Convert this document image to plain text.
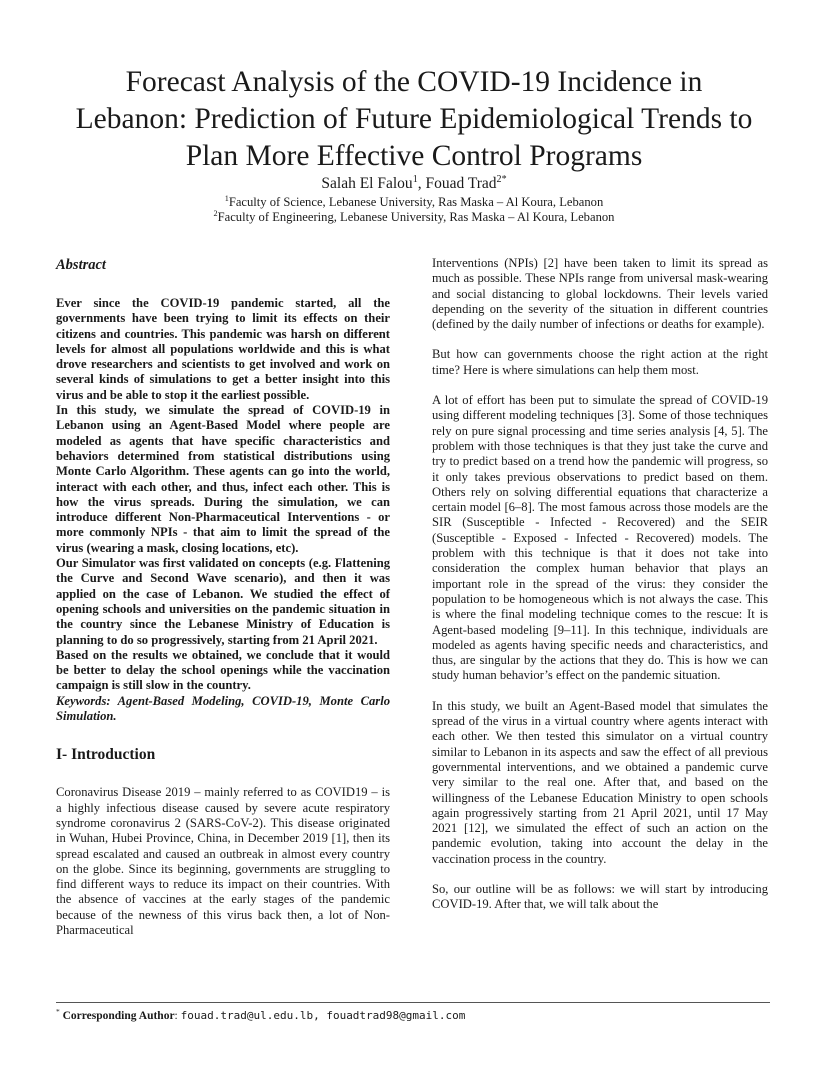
Forecast Analysis of the COVID-19 Incidence in
Lebanon: Prediction of Future Epidemiological Trends to
Plan More Effective Control Programs
Salah El Falou$^1$, Fouad Trad$^{2*}$
$^1$Faculty of Science, Lebanese University, Ras Maska – Al Koura, Lebanon
$^2$Faculty of Engineering, Lebanese University, Ras Maska – Al Koura, Lebanon

Abstract

Ever since the COVID-19 pandemic started, all the governments have been trying to limit its effects on their citizens and countries. This pandemic was harsh on different levels for almost all populations worldwide and this is what drove researchers and scientists to get involved and work on several kinds of simulations to get a better insight into this virus and be able to stop it the earliest possible.

In this study, we simulate the spread of COVID-19 in Lebanon using an Agent-Based Model where people are modeled as agents that have specific characteristics and behaviors determined from statistical distributions using Monte Carlo Algorithm. These agents can go into the world, interact with each other, and thus, infect each other. This is how the virus spreads. During the simulation, we can introduce different Non-Pharmaceutical Interventions - or more commonly NPIs - that aim to limit the spread of the virus (wearing a mask, closing locations, etc).

Our Simulator was first validated on concepts (e.g. Flattening the Curve and Second Wave scenario), and then it was applied on the case of Lebanon. We studied the effect of opening schools and universities on the pandemic situation in the country since the Lebanese Ministry of Education is planning to do so progressively, starting from 21 April 2021.

Based on the results we obtained, we conclude that it would be better to delay the school openings while the vaccination campaign is still slow in the country.

Keywords: Agent-Based Modeling, COVID-19, Monte Carlo Simulation.

I- Introduction

Coronavirus Disease 2019 – mainly referred to as COVID19 – is a highly infectious disease caused by severe acute respiratory syndrome coronavirus 2 (SARS-CoV-2). This disease originated in Wuhan, Hubei Province, China, in December 2019 [1], then its spread escalated and caused an outbreak in almost every country on the globe. Since its beginning, governments are struggling to find different ways to reduce its impact on their countries. With the absence of vaccines at the early stages of the pandemic because of the newness of this virus back then, a lot of Non-Pharmaceutical

Interventions (NPIs) [2] have been taken to limit its spread as much as possible. These NPIs range from universal mask-wearing and social distancing to global lockdowns. Their levels varied depending on the severity of the situation in different countries (defined by the daily number of infections or deaths for example).

But how can governments choose the right action at the right time? Here is where simulations can help them most.

A lot of effort has been put to simulate the spread of COVID-19 using different modeling techniques [3]. Some of those techniques rely on pure signal processing and time series analysis [4, 5]. The problem with those techniques is that they just take the curve and try to predict based on a trend how the pandemic will progress, so it only takes previous observations to predict based on them. Others rely on solving differential equations that characterize a certain model [6–8]. The most famous across those models are the SIR (Susceptible - Infected - Recovered) and the SEIR (Susceptible - Exposed - Infected - Recovered) models. The problem with this technique is that it does not take into consideration the complex human behavior that plays an important role in the spread of the virus: they consider the population to be homogeneous which is not always the case. This is where the final modeling technique comes to the rescue: It is Agent-based modeling [9–11]. In this technique, individuals are modeled as agents having specific needs and characteristics, and thus, are singular by the actions that they do. This is how we can study human behavior’s effect on the pandemic situation.

In this study, we built an Agent-Based model that simulates the spread of the virus in a virtual country where agents interact with each other. We then tested this simulator on a virtual country similar to Lebanon in its aspects and saw the effect of all previous governmental interventions, and we obtained a pandemic curve very similar to the real one. After that, and based on the willingness of the Lebanese Education Ministry to open schools again progressively starting from 21 April 2021, until 17 May 2021 [12], we simulated the effect of such an action on the pandemic evolution, taking into account the delay in the vaccination process in the country.

So, our outline will be as follows: we will start by introducing COVID-19. After that, we will talk about the

* Corresponding Author: fouad.trad@ul.edu.lb, fouadtrad98@gmail.com
